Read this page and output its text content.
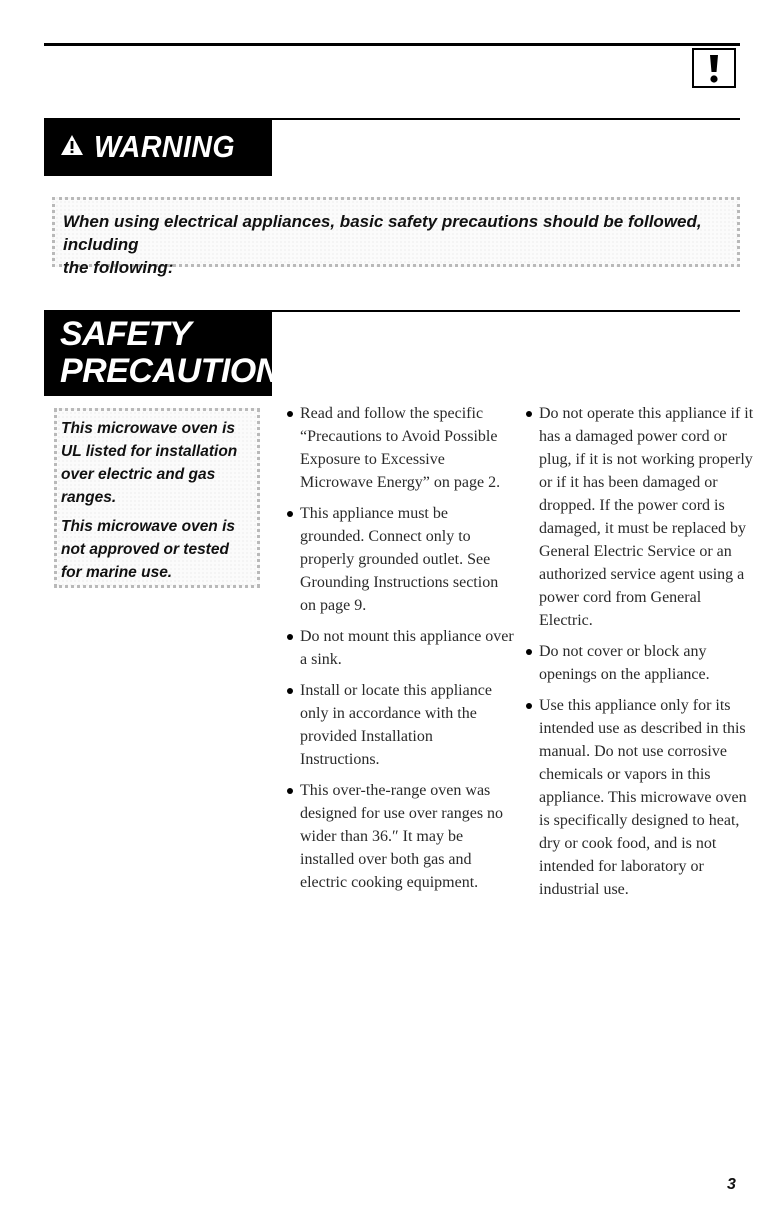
WARNING

When using electrical appliances, basic safety precautions should be followed, including

the following:

SAFETY
PRECAUTIONS

This microwave oven is UL listed for installation over electric and gas ranges.

This microwave oven is not approved or tested for marine use.

Read and follow the specific “Precautions to Avoid Possible Exposure to Excessive Microwave Energy” on page 2.

This appliance must be grounded. Connect only to properly grounded outlet. See Grounding Instructions section on page 9.

Do not mount this appliance over a sink.

Install or locate this appliance only in accordance with the provided Installation Instructions.

This over-the-range oven was designed for use over ranges no wider than 36.″ It may be installed over both gas and electric cooking equipment.

Do not operate this appliance if it has a damaged power cord or plug, if it is not working properly or if it has been damaged or dropped. If the power cord is damaged, it must be replaced by General Electric Service or an authorized service agent using a power cord from General Electric.

Do not cover or block any openings on the appliance.

Use this appliance only for its intended use as described in this manual. Do not use corrosive chemicals or vapors in this appliance. This microwave oven is specifically designed to heat, dry or cook food, and is not intended for laboratory or industrial use.

3
